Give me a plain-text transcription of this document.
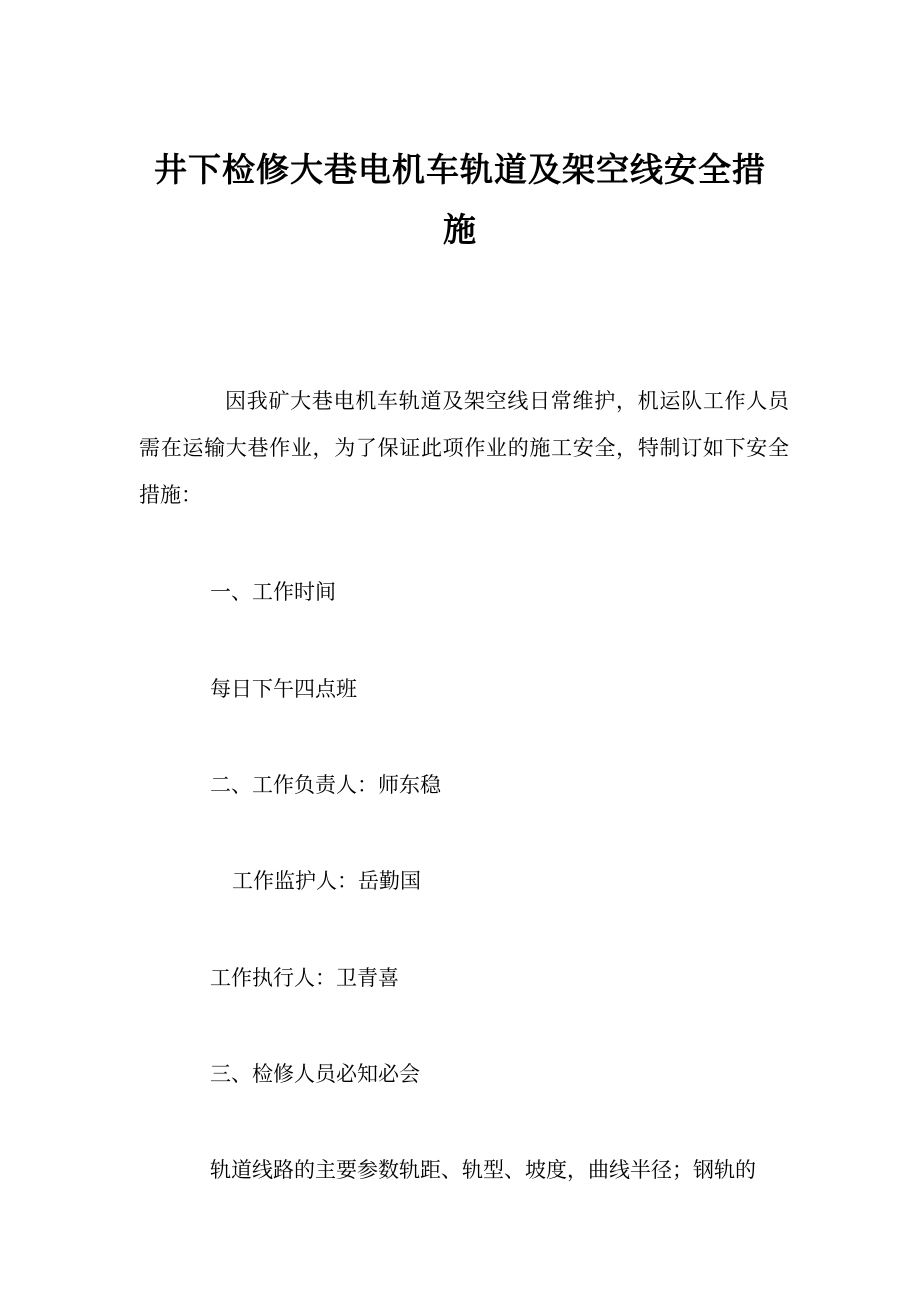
井下检修大巷电机车轨道及架空线安全措施

因我矿大巷电机车轨道及架空线日常维护，机运队工作人员需在运输大巷作业，为了保证此项作业的施工安全，特制订如下安全措施：

一、工作时间

每日下午四点班

二、工作负责人：师东稳

工作监护人：岳勤国

工作执行人：卫青喜

三、检修人员必知必会

轨道线路的主要参数轨距、轨型、坡度，曲线半径；钢轨的
